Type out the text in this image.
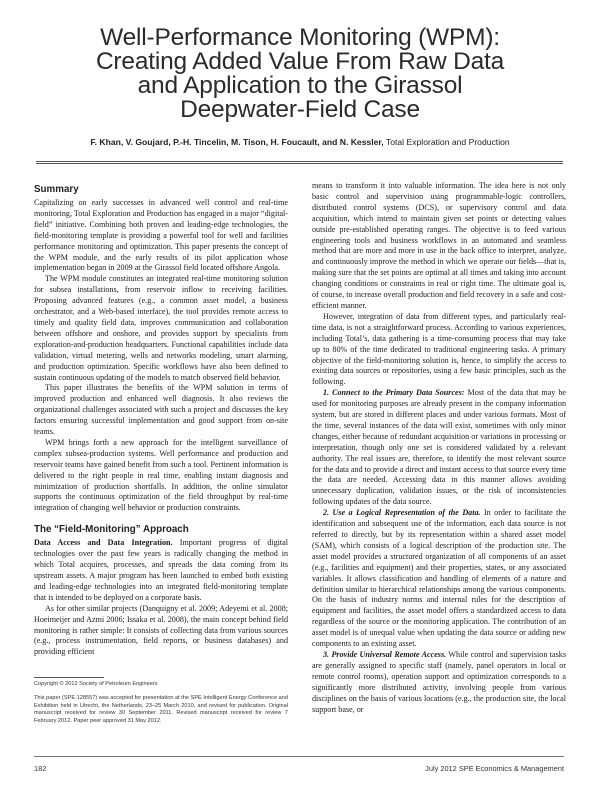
Well-Performance Monitoring (WPM):
Creating Added Value From Raw Data
and Application to the Girassol
Deepwater-Field Case
F. Khan, V. Goujard, P.-H. Tincelin, M. Tison, H. Foucault, and N. Kessler, Total Exploration and Production
Summary

Capitalizing on early successes in advanced well control and real-time monitoring, Total Exploration and Production has engaged in a major “digital-field” initiative. Combining both proven and leading-edge technologies, the field-monitoring template is providing a powerful tool for well and facilities performance monitoring and optimization. This paper presents the concept of the WPM module, and the early results of its pilot application whose implementation began in 2009 at the Girassol field located offshore Angola.

The WPM module constitutes an integrated real-time monitoring solution for subsea installations, from reservoir inflow to receiving facilities. Proposing advanced features (e.g., a common asset model, a business orchestrator, and a Web-based interface), the tool provides remote access to timely and quality field data, improves communication and collaboration between offshore and onshore, and provides support by specialists from exploration-and-production headquarters. Functional capabilities include data validation, virtual metering, wells and networks modeling, smart alarming, and production optimization. Specific workflows have also been defined to sustain continuous updating of the models to match observed field behavior.

This paper illustrates the benefits of the WPM solution in terms of improved production and enhanced well diagnosis. It also reviews the organizational challenges associated with such a project and discusses the key factors ensuring successful implementation and good support from on-site teams.

WPM brings forth a new approach for the intelligent surveillance of complex subsea-production systems. Well performance and production and reservoir teams have gained benefit from such a tool. Pertinent information is delivered to the right people in real time, enabling instant diagnosis and minimization of production shortfalls. In addition, the online simulator supports the continuous optimization of the field throughput by real-time integration of changing well behavior or production constraints.

The “Field-Monitoring” Approach

Data Access and Data Integration. Important progress of digital technologies over the past few years is radically changing the method in which Total acquires, processes, and spreads the data coming from its upstream assets. A major program has been launched to embed both existing and leading-edge technologies into an integrated field-monitoring template that is intended to be deployed on a corporate basis.

As for other similar projects (Danquigny et al. 2009; Adeyemi et al. 2008; Hoeimeijer and Azmi 2006; Issaka et al. 2008), the main concept behind field monitoring is rather simple: It consists of collecting data from various sources (e.g., process instrumentation, field reports, or business databases) and providing efficient

means to transform it into valuable information. The idea here is not only basic control and supervision using programmable-logic controllers, distributed control systems (DCS), or supervisory control and data acquisition, which intend to maintain given set points or detecting values outside pre-established operating ranges. The objective is to feed various engineering tools and business workflows in an automated and seamless method that are more and more in use in the back office to interpret, analyze, and continuously improve the method in which we operate our fields—that is, making sure that the set points are optimal at all times and taking into account changing conditions or constraints in real or right time. The ultimate goal is, of course, to increase overall production and field recovery in a safe and cost-efficient manner.

However, integration of data from different types, and particularly real-time data, is not a straightforward process. According to various experiences, including Total’s, data gathering is a time-consuming process that may take up to 80% of the time dedicated to traditional engineering tasks. A primary objective of the field-monitoring solution is, hence, to simplify the access to existing data sources or repositories, using a few basic principles, such as the following.

1. Connect to the Primary Data Sources: Most of the data that may be used for monitoring purposes are already present in the company information system, but are stored in different places and under various formats. Most of the time, several instances of the data will exist, sometimes with only minor changes, either because of redundant acquisition or variations in processing or interpretation, though only one set is considered validated by a relevant authority. The real issues are, therefore, to identify the most relevant source for the data and to provide a direct and instant access to that source every time the data are needed. Accessing data in this manner allows avoiding unnecessary duplication, validation issues, or the risk of inconsistencies following updates of the data source.

2. Use a Logical Representation of the Data. In order to facilitate the identification and subsequent use of the information, each data source is not referred to directly, but by its representation within a shared asset model (SAM), which consists of a logical description of the production site. The asset model provides a structured organization of all components of an asset (e.g., facilities and equipment) and their properties, states, or any associated variables. It allows classification and handling of elements of a nature and definition similar to hierarchical relationships among the various components. On the basis of industry norms and internal rules for the description of equipment and facilities, the asset model offers a standardized access to data regardless of the source or the monitoring application. The contribution of an asset model is of unequal value when updating the data source or adding new components to an existing asset.

3. Provide Universal Remote Access. While control and supervision tasks are generally assigned to specific staff (namely, panel operators in local or remote control rooms), operation support and optimization corresponds to a significantly more distributed activity, involving people from various disciplines on the basis of various locations (e.g., the production site, the local support base, or

Copyright © 2012 Society of Petroleum Engineers
This paper (SPE 128557) was accepted for presentation at the SPE Intelligent Energy Conference and Exhibition held in Utrecht, the Netherlands, 23–25 March 2010, and revised for publication. Original manuscript received for review 30 September 2011. Revised manuscript received for review 7 February 2012. Paper peer approved 31 May 2012.
182	July 2012 SPE Economics & Management
